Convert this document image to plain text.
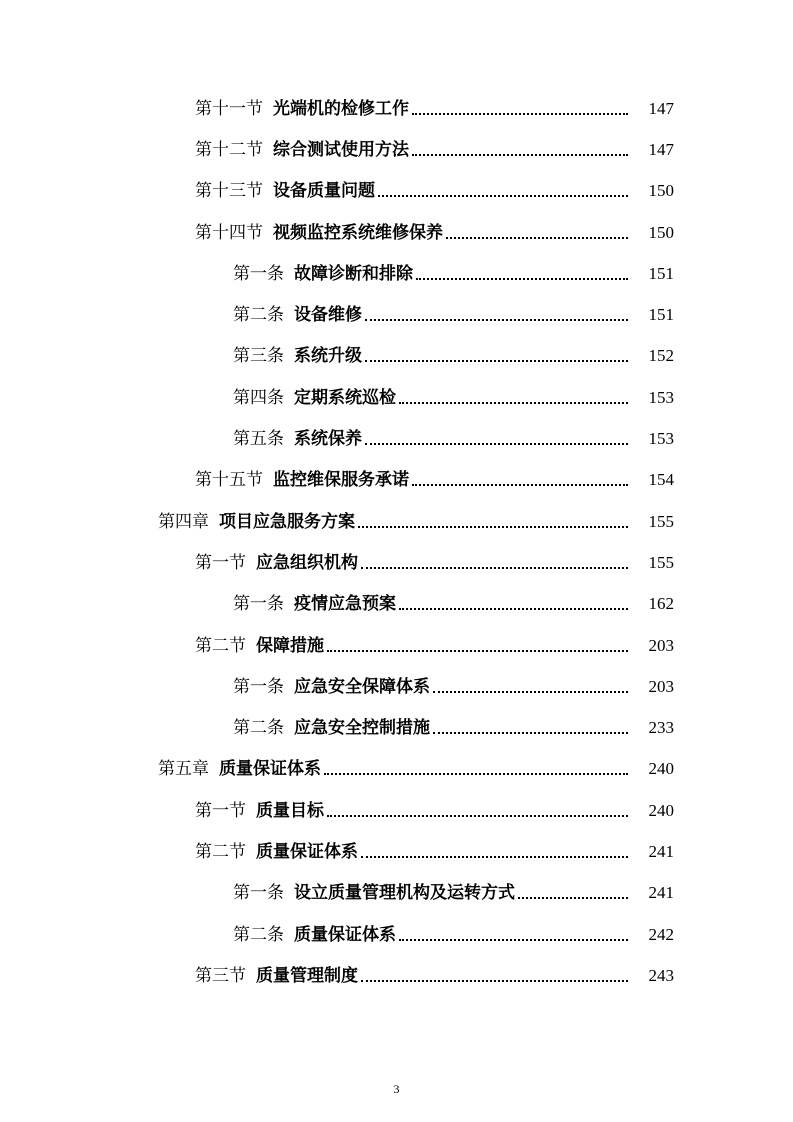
第十一节 光端机的检修工作	147
第十二节 综合测试使用方法	147
第十三节 设备质量问题	150
第十四节 视频监控系统维修保养	150
第一条 故障诊断和排除	151
第二条 设备维修	151
第三条 系统升级	152
第四条 定期系统巡检	153
第五条 系统保养	153
第十五节 监控维保服务承诺	154
第四章 项目应急服务方案	155
第一节 应急组织机构	155
第一条 疫情应急预案	162
第二节 保障措施	203
第一条 应急安全保障体系	203
第二条 应急安全控制措施	233
第五章 质量保证体系	240
第一节 质量目标	240
第二节 质量保证体系	241
第一条 设立质量管理机构及运转方式	241
第二条 质量保证体系	242
第三节 质量管理制度	243
3
